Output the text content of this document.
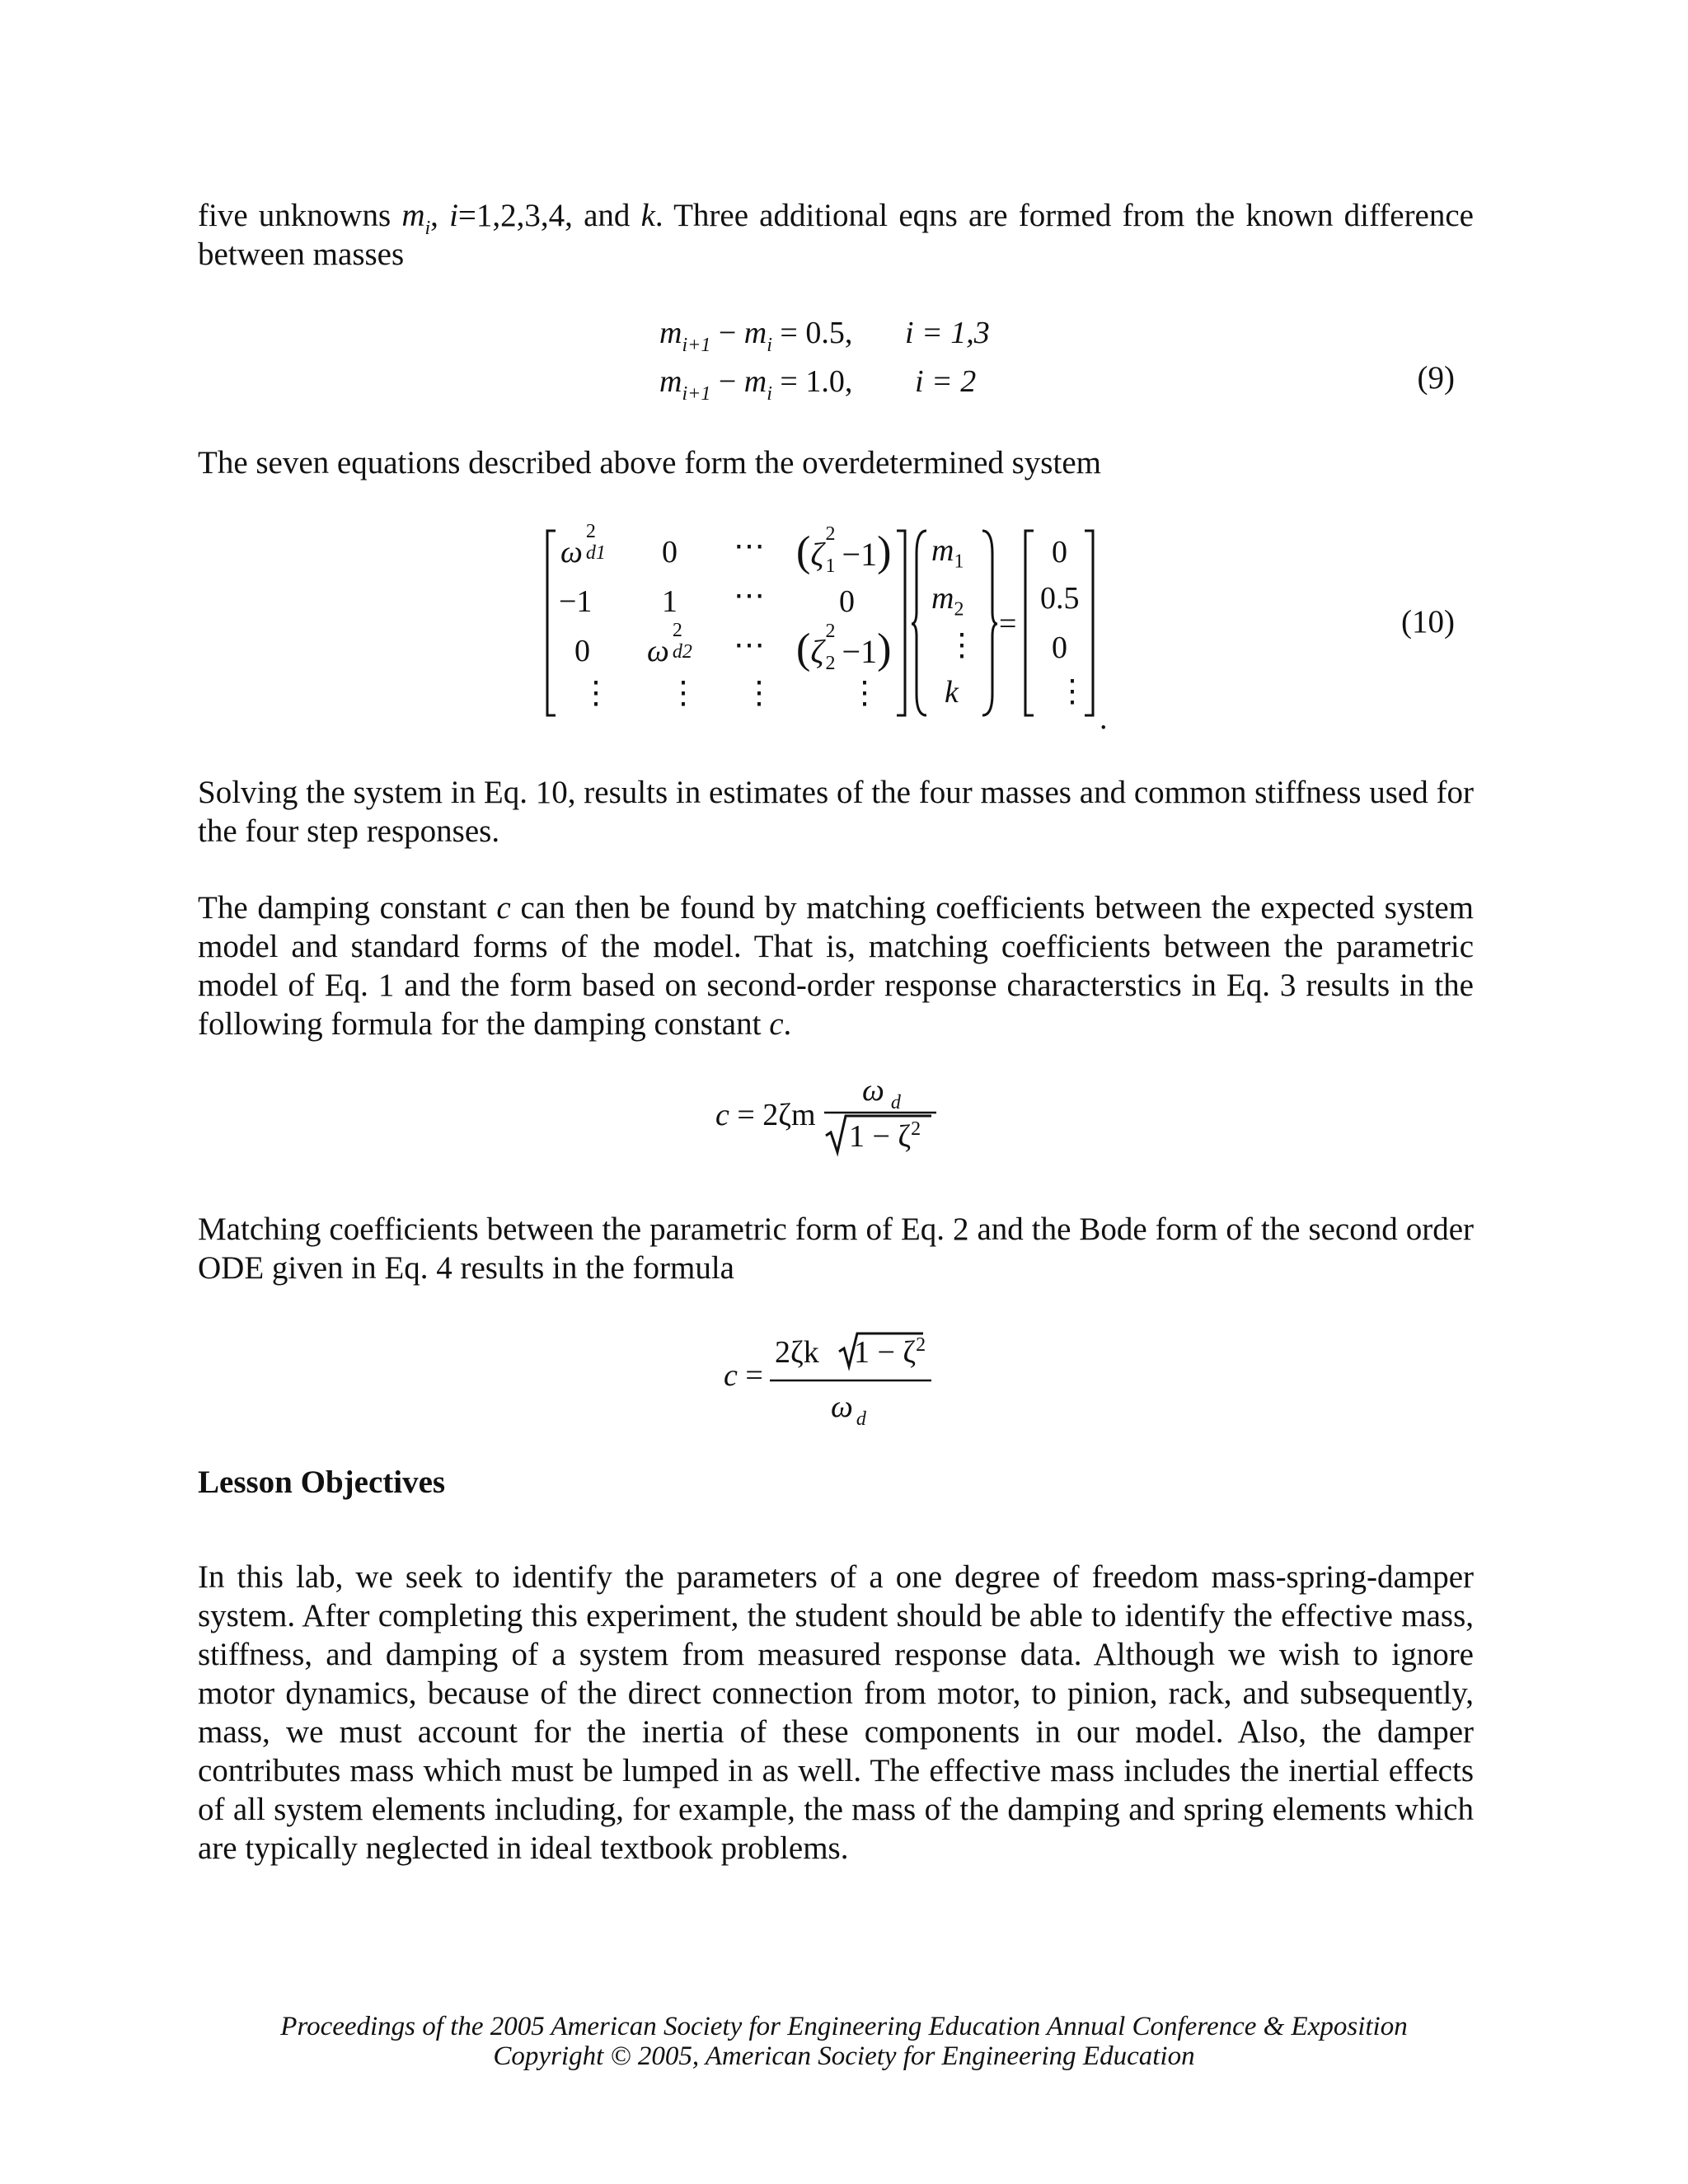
five unknowns $m_i$, i=1,2,3,4, and k. Three additional eqns are formed from the known difference between masses

$m_{i+1} - m_i = 0.5$, i = 1,3
$m_{i+1} - m_i = 1.0$, i = 2	(9)

The seven equations described above form the overdetermined system

ω
2
d1 0 ⋯ (ζ
2
1 −1)
−1 1 ⋯ 0
0 ω
2
d2 ⋯ (ζ
2
2 −1)
⋮ ⋮ ⋮ ⋮
$m_1$
$m_2$
⋮
k
=
0
0.5
0
⋮
.
(10)

Solving the system in Eq. 10, results in estimates of the four masses and common stiffness used for the four step responses.

The damping constant c can then be found by matching coefficients between the expected system model and standard forms of the model. That is, matching coefficients between the parametric model of Eq. 1 and the form based on second-order response characterstics in Eq. 3 results in the following formula for the damping constant c.

c = 2ζm
ω $_d$
$1 - \zeta^2$

Matching coefficients between the parametric form of Eq. 2 and the Bode form of the second order ODE given in Eq. 4 results in the formula

c =
2ζk $1 - \zeta^2$
ω $_d$
Lesson Objectives

In this lab, we seek to identify the parameters of a one degree of freedom mass-spring-damper system. After completing this experiment, the student should be able to identify the effective mass, stiffness, and damping of a system from measured response data. Although we wish to ignore motor dynamics, because of the direct connection from motor, to pinion, rack, and subsequently, mass, we must account for the inertia of these components in our model. Also, the damper contributes mass which must be lumped in as well. The effective mass includes the inertial effects of all system elements including, for example, the mass of the damping and spring elements which are typically neglected in ideal textbook problems.

Proceedings of the 2005 American Society for Engineering Education Annual Conference & Exposition
Copyright © 2005, American Society for Engineering Education
